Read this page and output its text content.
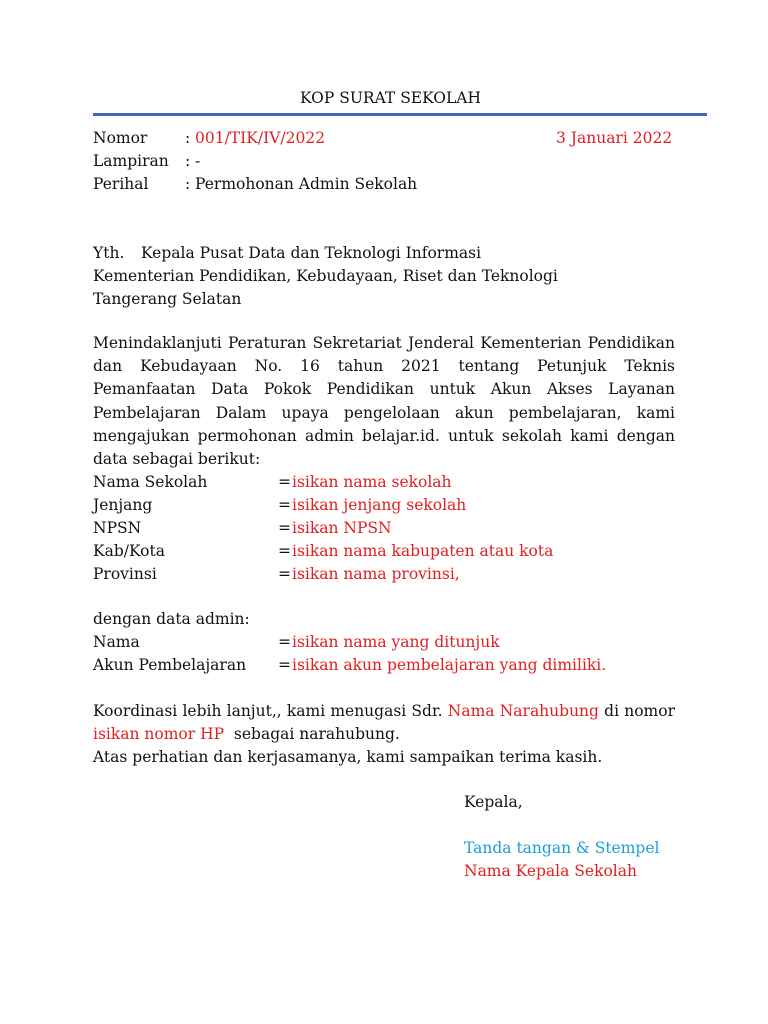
KOP SURAT SEKOLAH
Nomor : 001/TIK/IV/2022	3 Januari 2022
Lampiran : -
Perihal : Permohonan Admin Sekolah
Yth. Kepala Pusat Data dan Teknologi Informasi
Kementerian Pendidikan, Kebudayaan, Riset dan Teknologi
Tangerang Selatan
Menindaklanjuti Peraturan Sekretariat Jenderal Kementerian Pendidikan dan Kebudayaan No. 16 tahun 2021 tentang Petunjuk Teknis Pemanfaatan Data Pokok Pendidikan untuk Akun Akses Layanan Pembelajaran Dalam upaya pengelolaan akun pembelajaran, kami mengajukan permohonan admin belajar.id. untuk sekolah kami dengan data sebagai berikut:
Nama Sekolah	= isikan nama sekolah
Jenjang	= isikan jenjang sekolah
NPSN	= isikan NPSN
Kab/Kota	= isikan nama kabupaten atau kota
Provinsi	= isikan nama provinsi,
dengan data admin:
Nama	= isikan nama yang ditunjuk
Akun Pembelajaran = isikan akun pembelajaran yang dimiliki.
Koordinasi lebih lanjut,, kami menugasi Sdr. Nama Narahubung di nomor
isikan nomor HP sebagai narahubung.
Atas perhatian dan kerjasamanya, kami sampaikan terima kasih.
Kepala,
Tanda tangan & Stempel
Nama Kepala Sekolah
